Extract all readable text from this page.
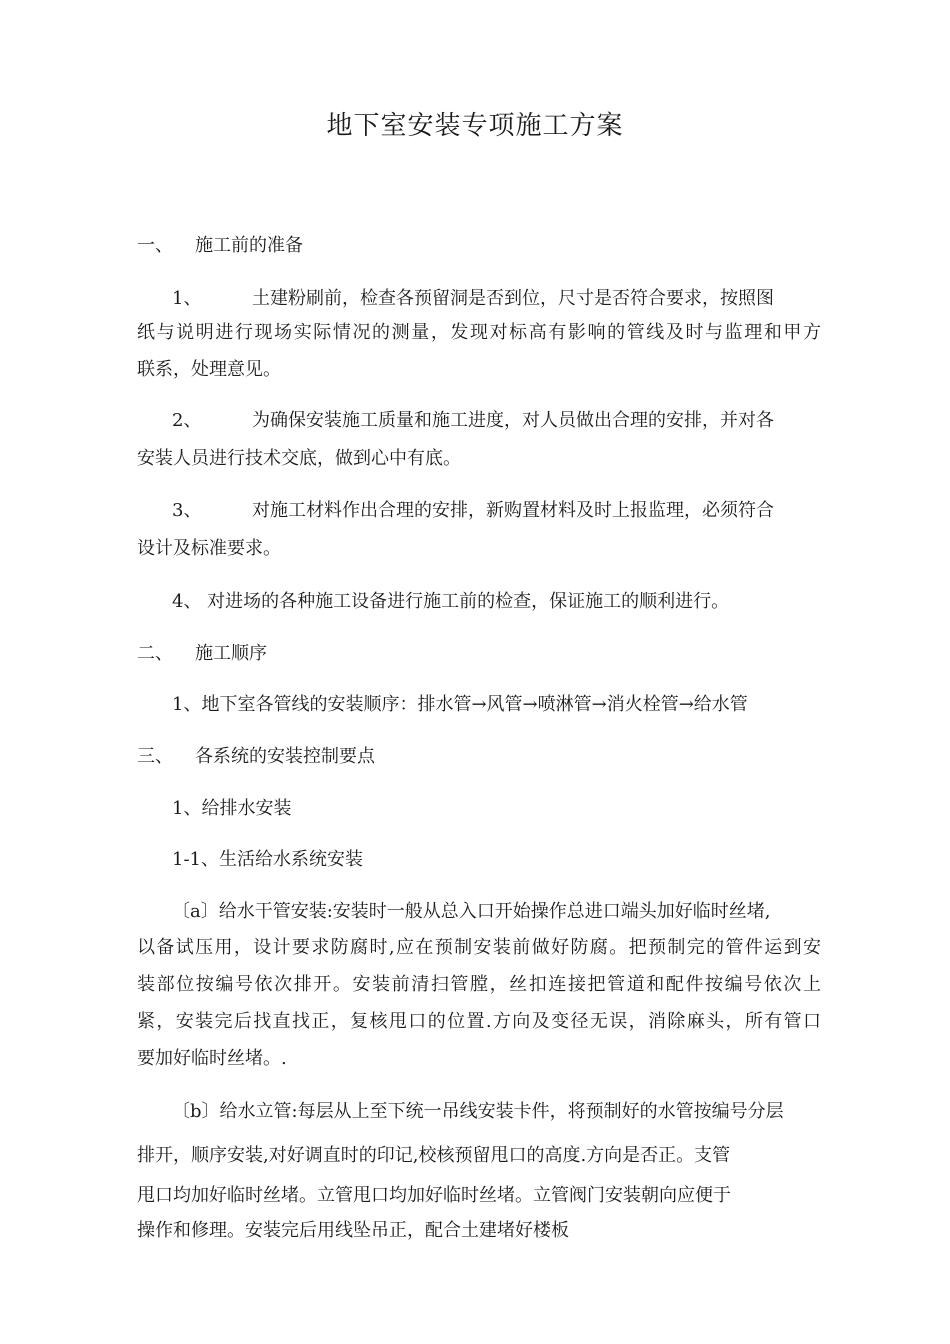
地下室安装专项施工方案
一、 施工前的准备
1、	土建粉刷前，检查各预留洞是否到位，尺寸是否符合要求，按照图
纸与说明进行现场实际情况的测量，发现对标高有影响的管线及时与监理和甲方
联系，处理意见。
2、	为确保安装施工质量和施工进度，对人员做出合理的安排，并对各
安装人员进行技术交底，做到心中有底。
3、	对施工材料作出合理的安排，新购置材料及时上报监理，必须符合
设计及标准要求。
4、 对进场的各种施工设备进行施工前的检查，保证施工的顺利进行。
二、 施工顺序
1、地下室各管线的安装顺序：排水管→风管→喷淋管→消火栓管→给水管
三、 各系统的安装控制要点
1、给排水安装
1-1、生活给水系统安装
〔a〕给水干管安装:安装时一般从总入口开始操作总进口端头加好临时丝堵,
以备试压用，设计要求防腐时,应在预制安装前做好防腐。把预制完的管件运到安
装部位按编号依次排开。安装前清扫管膛，丝扣连接把管道和配件按编号依次上
紧，安装完后找直找正，复核甩口的位置.方向及变径无误，消除麻头，所有管口
要加好临时丝堵。.
〔b〕给水立管:每层从上至下统一吊线安装卡件，将预制好的水管按编号分层
排开，顺序安装,对好调直时的印记,校核预留甩口的高度.方向是否正。支管
甩口均加好临时丝堵。立管甩口均加好临时丝堵。立管阀门安装朝向应便于
操作和修理。安装完后用线坠吊正，配合土建堵好楼板
